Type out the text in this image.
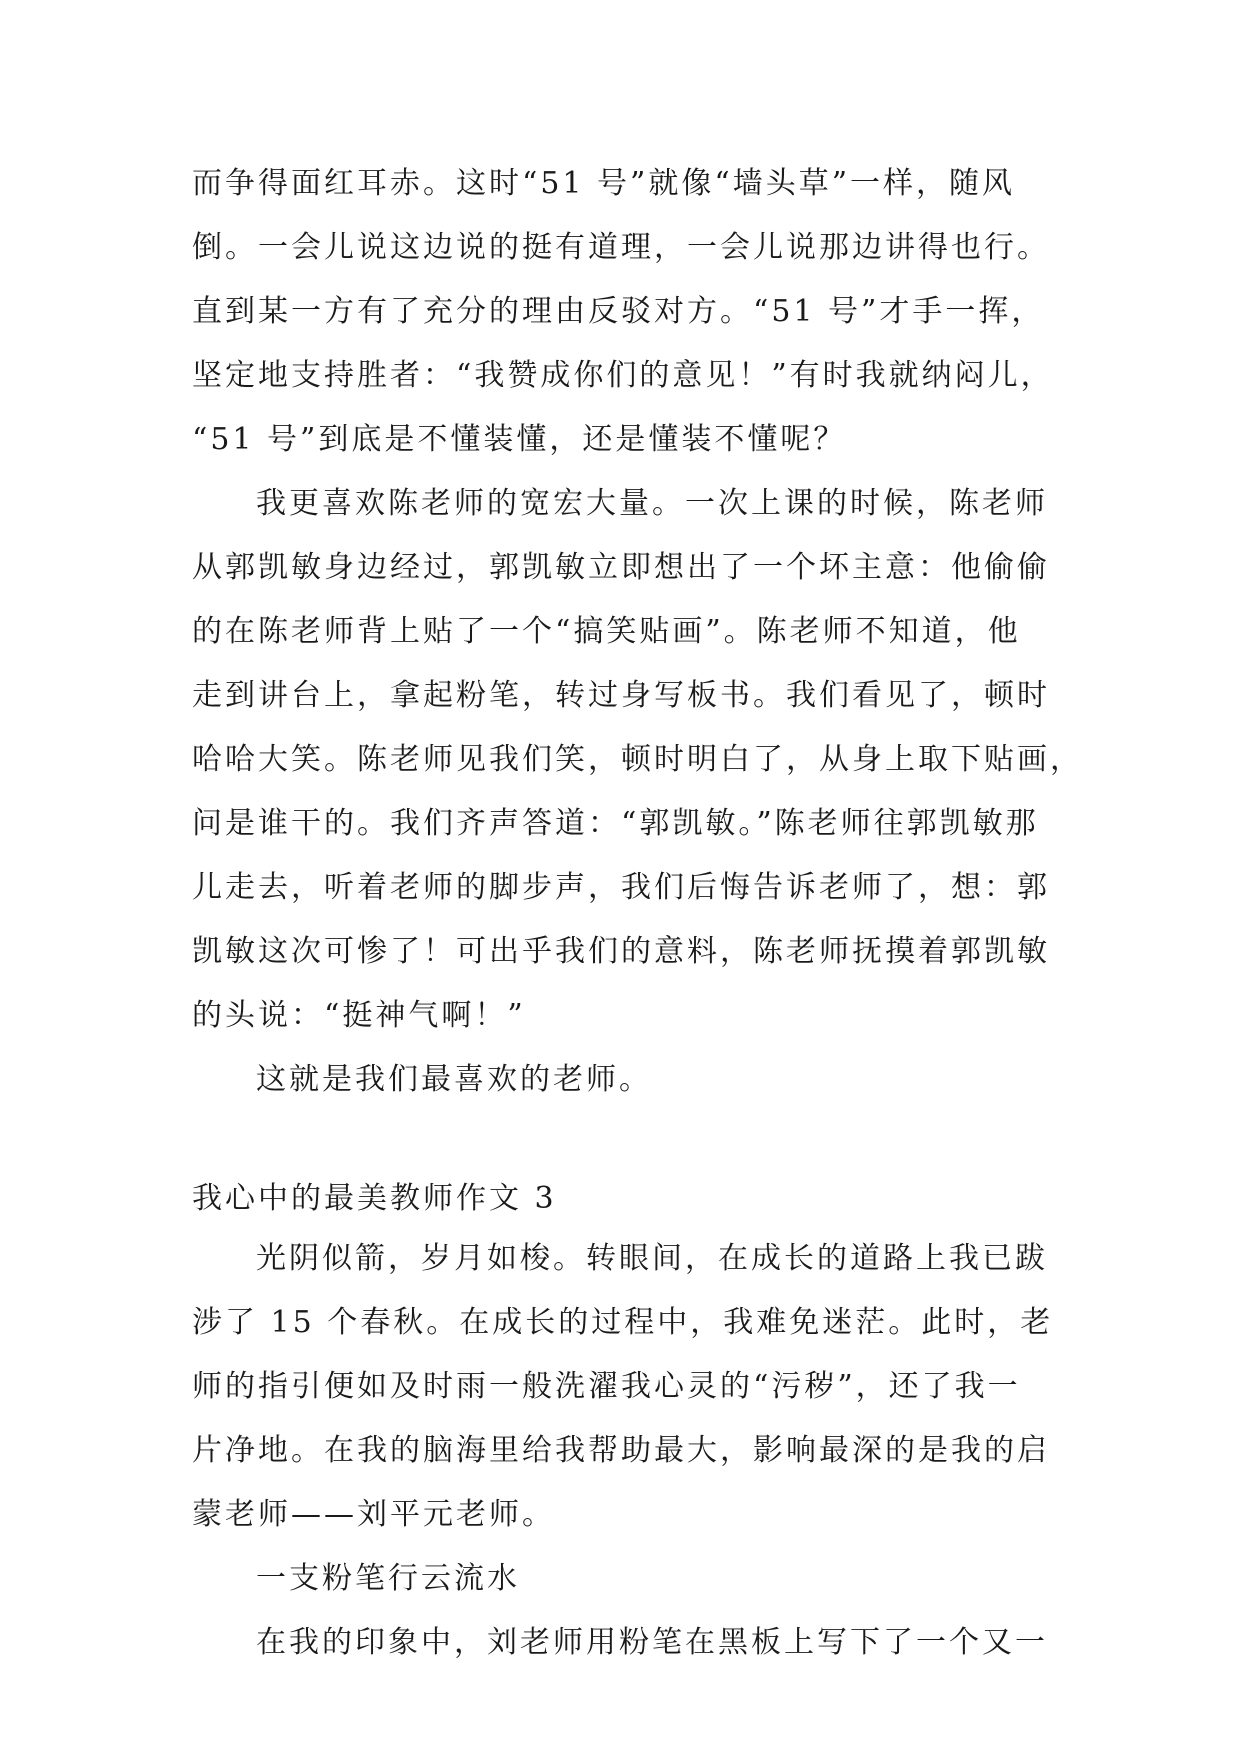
而争得面红耳赤。这时“51 号”就像“墙头草”一样，随风
倒。一会儿说这边说的挺有道理，一会儿说那边讲得也行。
直到某一方有了充分的理由反驳对方。“51 号”才手一挥，
坚定地支持胜者：“我赞成你们的意见！”有时我就纳闷儿，
“51 号”到底是不懂装懂，还是懂装不懂呢？
我更喜欢陈老师的宽宏大量。一次上课的时候，陈老师
从郭凯敏身边经过，郭凯敏立即想出了一个坏主意：他偷偷
的在陈老师背上贴了一个“搞笑贴画”。陈老师不知道，他
走到讲台上，拿起粉笔，转过身写板书。我们看见了，顿时
哈哈大笑。陈老师见我们笑，顿时明白了，从身上取下贴画，
问是谁干的。我们齐声答道：“郭凯敏。”陈老师往郭凯敏那
儿走去，听着老师的脚步声，我们后悔告诉老师了，想：郭
凯敏这次可惨了！可出乎我们的意料，陈老师抚摸着郭凯敏
的头说：“挺神气啊！”
这就是我们最喜欢的老师。
我心中的最美教师作文 3
光阴似箭，岁月如梭。转眼间，在成长的道路上我已跋
涉了 15 个春秋。在成长的过程中，我难免迷茫。此时，老
师的指引便如及时雨一般洗濯我心灵的“污秽”，还了我一
片净地。在我的脑海里给我帮助最大，影响最深的是我的启
蒙老师——刘平元老师。
一支粉笔行云流水
在我的印象中，刘老师用粉笔在黑板上写下了一个又一
